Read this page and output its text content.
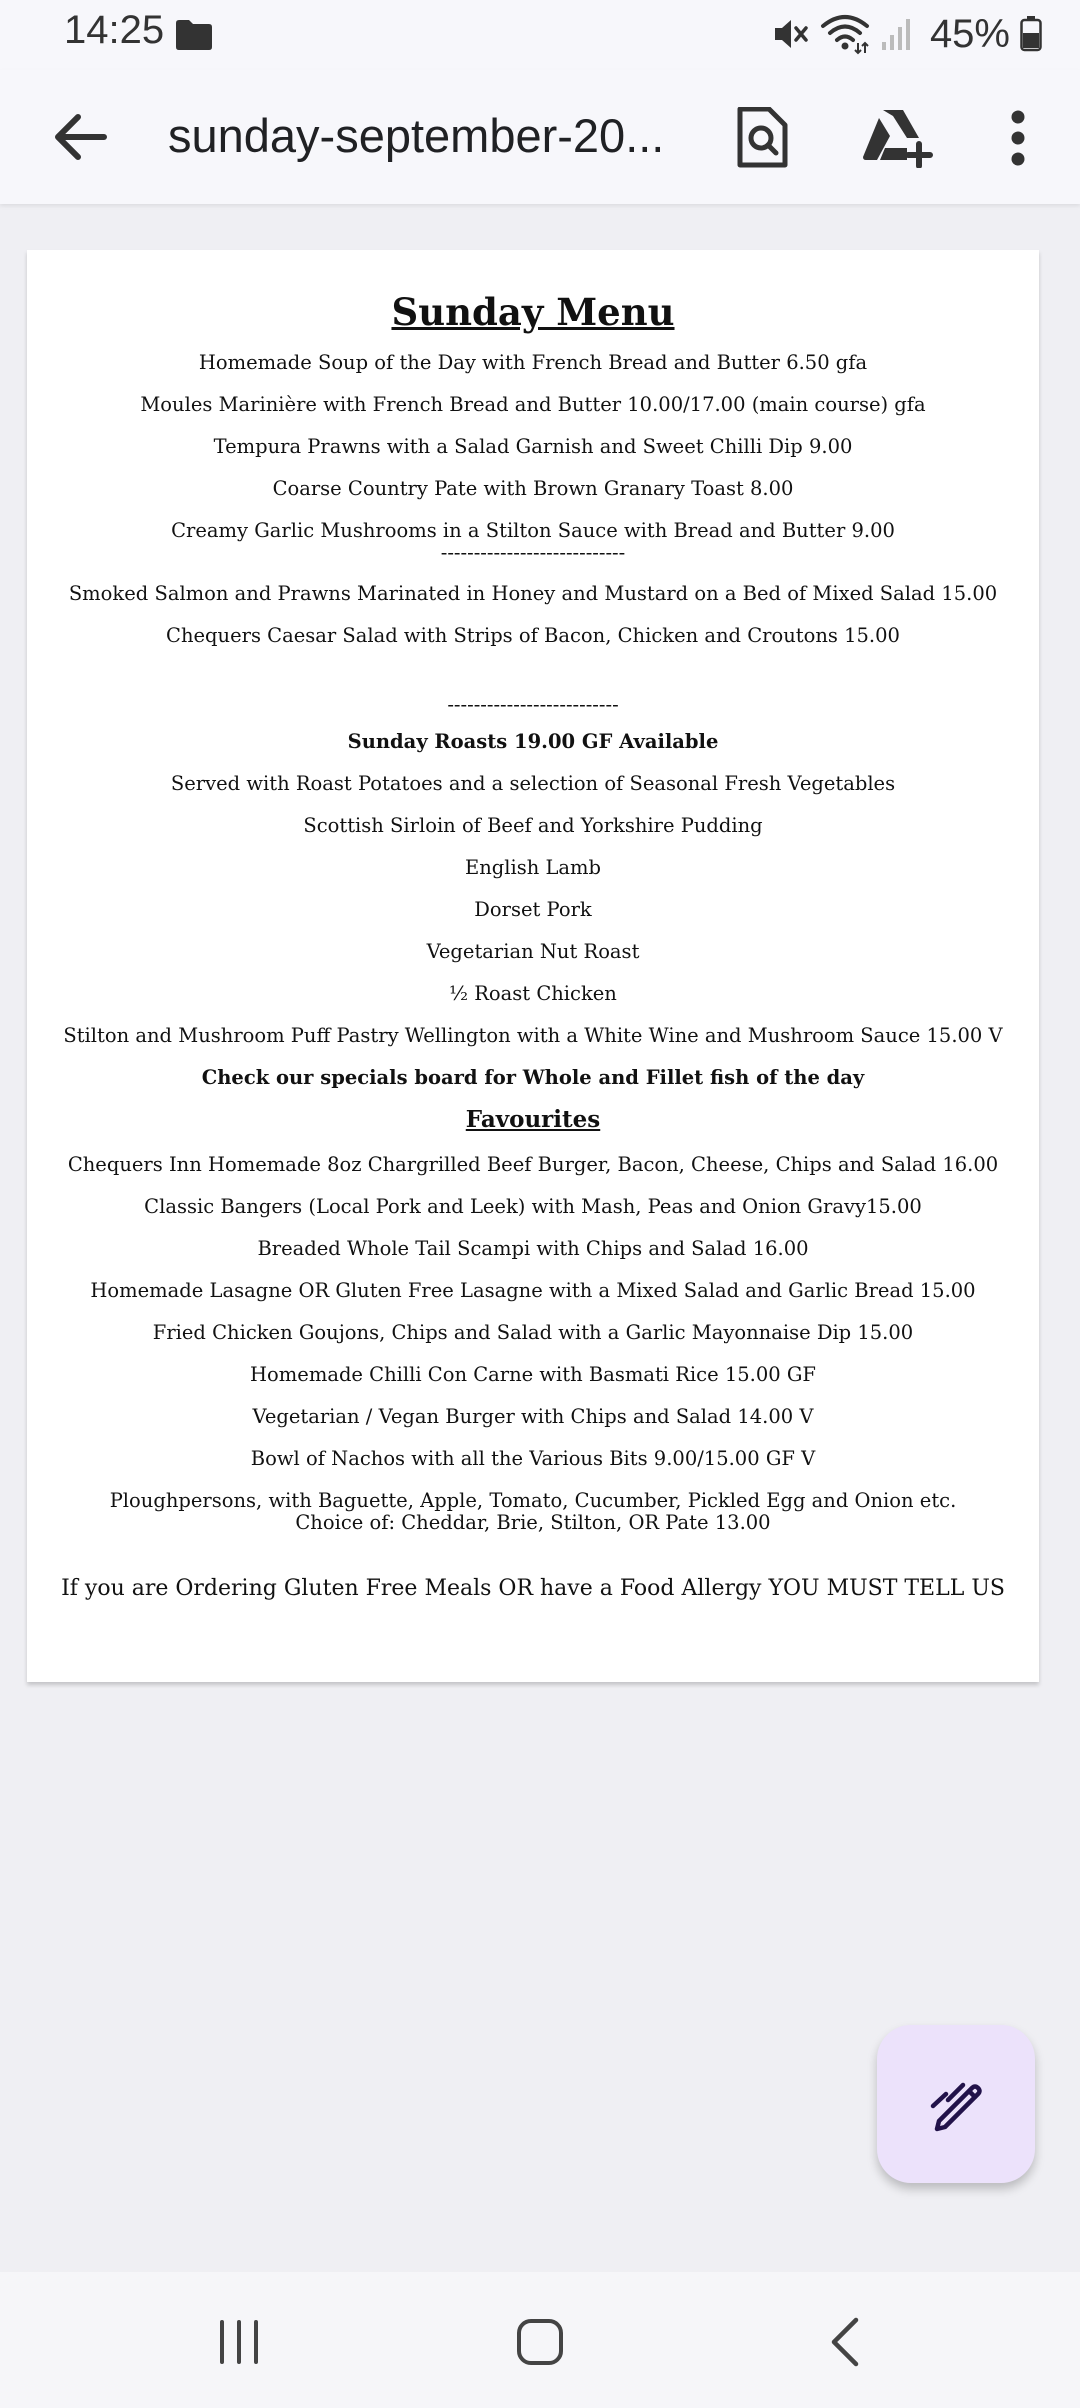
14:25	45%
sunday-september-20...
Sunday Menu
Homemade Soup of the Day with French Bread and Butter 6.50 gfa
Moules Marinière with French Bread and Butter 10.00/17.00 (main course) gfa
Tempura Prawns with a Salad Garnish and Sweet Chilli Dip 9.00
Coarse Country Pate with Brown Granary Toast 8.00
Creamy Garlic Mushrooms in a Stilton Sauce with Bread and Butter 9.00
----------------------------
Smoked Salmon and Prawns Marinated in Honey and Mustard on a Bed of Mixed Salad 15.00
Chequers Caesar Salad with Strips of Bacon, Chicken and Croutons 15.00
--------------------------
Sunday Roasts 19.00 GF Available
Served with Roast Potatoes and a selection of Seasonal Fresh Vegetables
Scottish Sirloin of Beef and Yorkshire Pudding
English Lamb
Dorset Pork
Vegetarian Nut Roast
½ Roast Chicken
Stilton and Mushroom Puff Pastry Wellington with a White Wine and Mushroom Sauce 15.00 V
Check our specials board for Whole and Fillet fish of the day
Favourites
Chequers Inn Homemade 8oz Chargrilled Beef Burger, Bacon, Cheese, Chips and Salad 16.00
Classic Bangers (Local Pork and Leek) with Mash, Peas and Onion Gravy15.00
Breaded Whole Tail Scampi with Chips and Salad 16.00
Homemade Lasagne OR Gluten Free Lasagne with a Mixed Salad and Garlic Bread 15.00
Fried Chicken Goujons, Chips and Salad with a Garlic Mayonnaise Dip 15.00
Homemade Chilli Con Carne with Basmati Rice 15.00 GF
Vegetarian / Vegan Burger with Chips and Salad 14.00 V
Bowl of Nachos with all the Various Bits 9.00/15.00 GF V
Ploughpersons, with Baguette, Apple, Tomato, Cucumber, Pickled Egg and Onion etc.
Choice of: Cheddar, Brie, Stilton, OR Pate 13.00
If you are Ordering Gluten Free Meals OR have a Food Allergy YOU MUST TELL US
